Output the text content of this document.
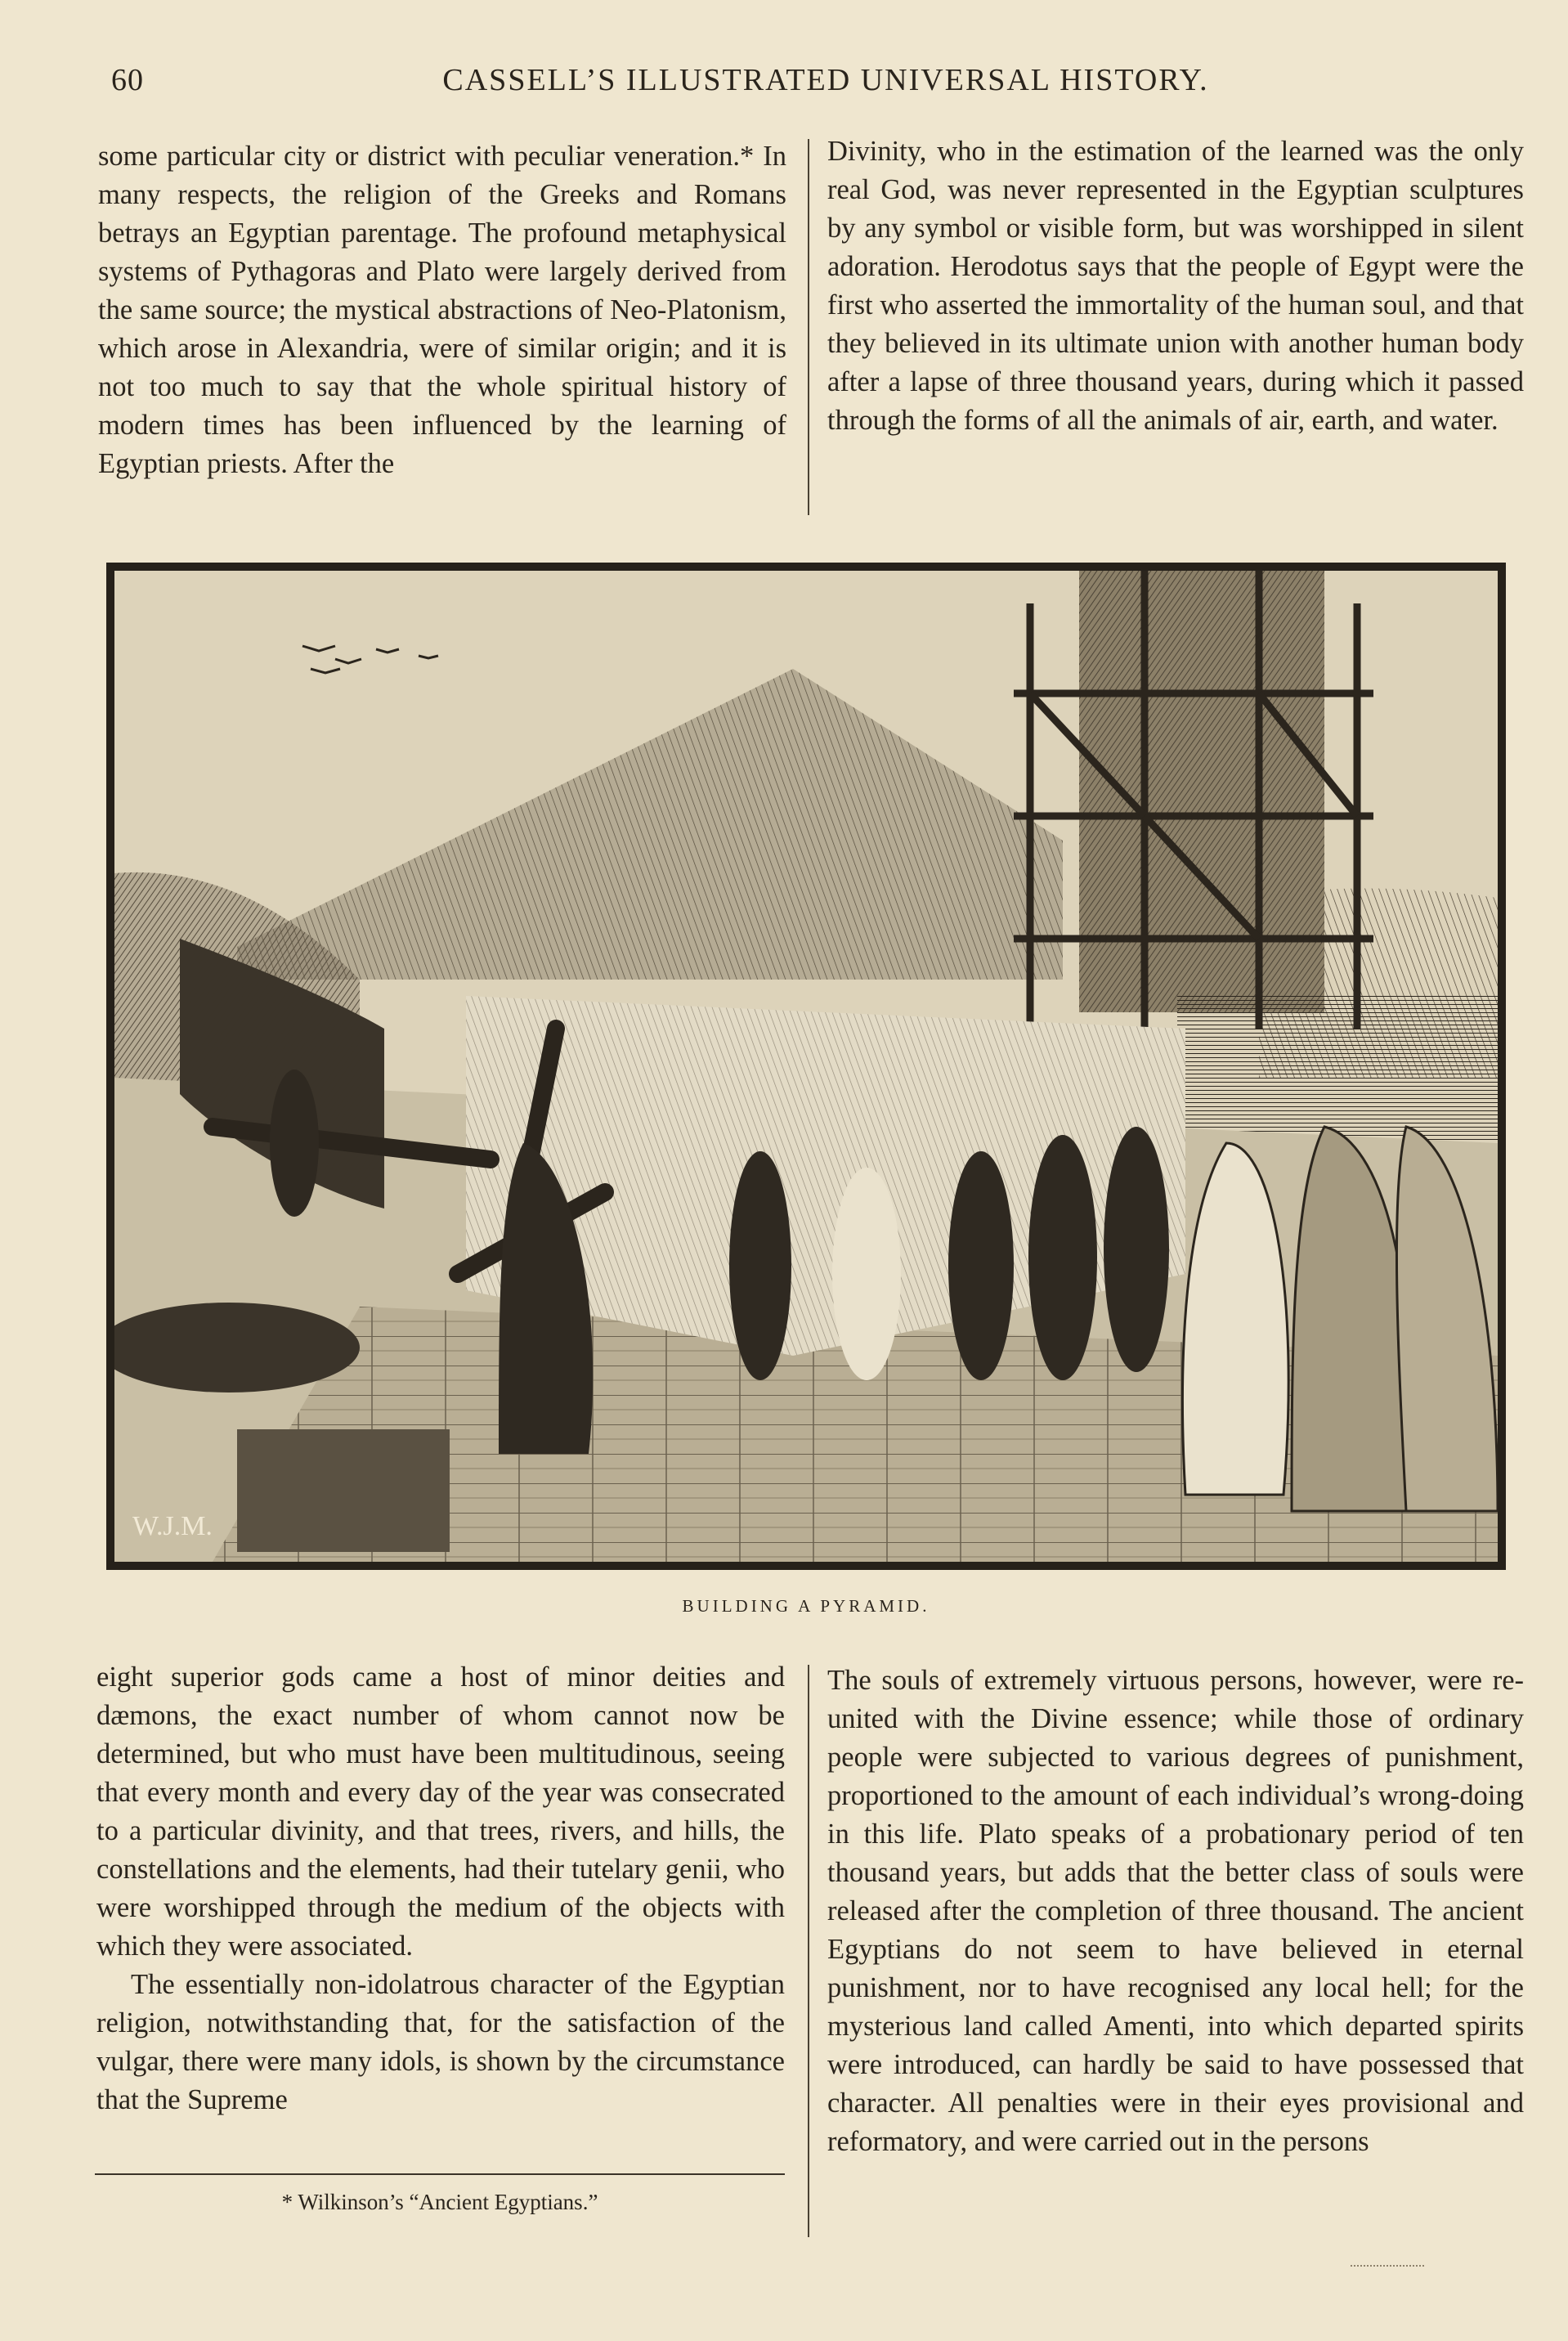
60	CASSELL’S ILLUSTRATED UNIVERSAL HISTORY.

some particular city or district with peculiar veneration.* In many respects, the religion of the Greeks and Romans betrays an Egyptian parentage. The profound metaphysical systems of Pythagoras and Plato were largely derived from the same source; the mystical abstractions of Neo-Platonism, which arose in Alexandria, were of similar origin; and it is not too much to say that the whole spiritual history of modern times has been influenced by the learning of Egyptian priests. After the

Divinity, who in the estimation of the learned was the only real God, was never represented in the Egyptian sculptures by any symbol or visible form, but was worshipped in silent adoration. Herodotus says that the people of Egypt were the first who asserted the immortality of the human soul, and that they believed in its ultimate union with another human body after a lapse of three thousand years, during which it passed through the forms of all the animals of air, earth, and water.

W.J.M.
BUILDING A PYRAMID.

eight superior gods came a host of minor deities and dæmons, the exact number of whom cannot now be determined, but who must have been multitudinous, seeing that every month and every day of the year was consecrated to a particular divinity, and that trees, rivers, and hills, the constellations and the elements, had their tutelary genii, who were worshipped through the medium of the objects with which they were associated.

The essentially non-idolatrous character of the Egyptian religion, notwithstanding that, for the satisfaction of the vulgar, there were many idols, is shown by the circumstance that the Supreme

The souls of extremely virtuous persons, however, were re-united with the Divine essence; while those of ordinary people were subjected to various degrees of punishment, proportioned to the amount of each individual’s wrong-doing in this life. Plato speaks of a probationary period of ten thousand years, but adds that the better class of souls were released after the completion of three thousand. The ancient Egyptians do not seem to have believed in eternal punishment, nor to have recognised any local hell; for the mysterious land called Amenti, into which departed spirits were introduced, can hardly be said to have possessed that character. All penalties were in their eyes provisional and reformatory, and were carried out in the persons

* Wilkinson’s “Ancient Egyptians.”
